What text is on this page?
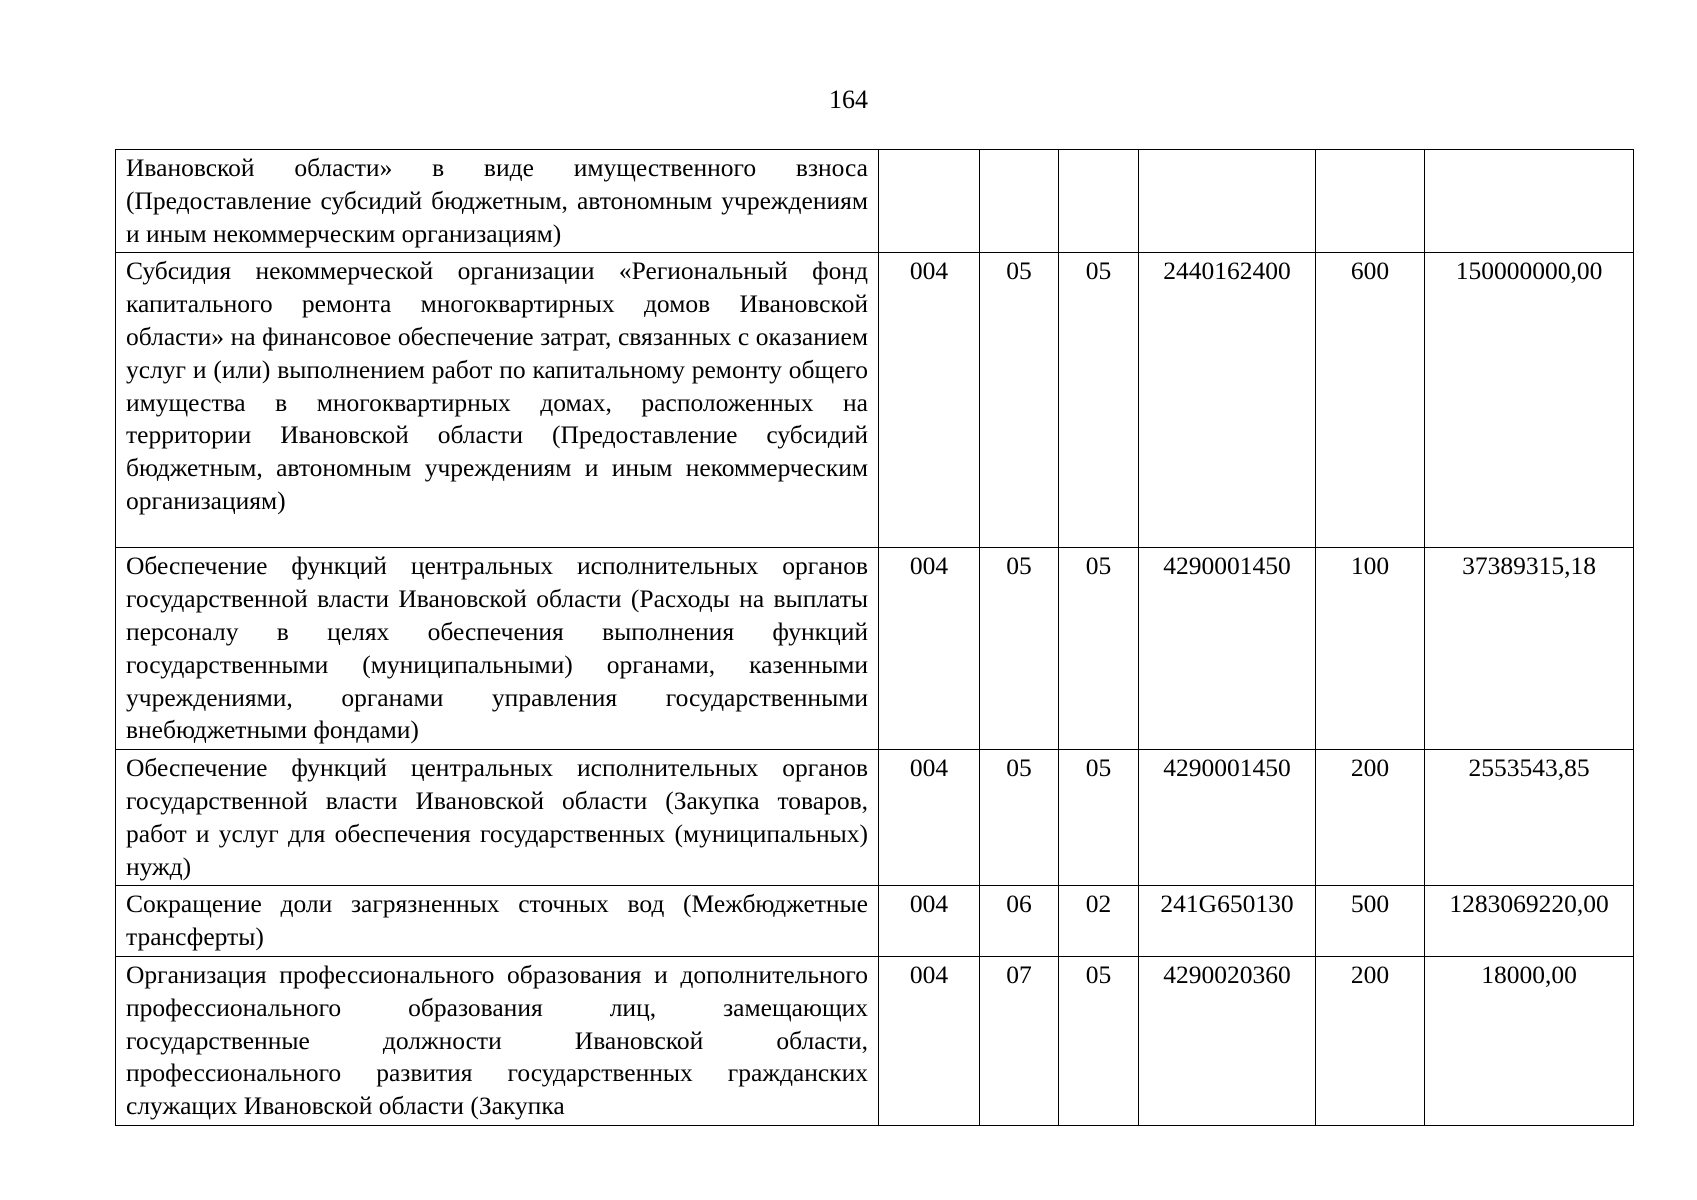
164
Ивановской области» в виде имущественного взноса (Предоставление субсидий бюджетным, автономным учреждениям и иным некоммерческим организациям)						
Субсидия некоммерческой организации «Региональный фонд капитального ремонта многоквартирных домов Ивановской области» на финансовое обеспечение затрат, связанных с оказанием услуг и (или) выполнением работ по капитальному ремонту общего имущества в многоквартирных домах, расположенных на территории Ивановской области (Предоставление субсидий бюджетным, автономным учреждениям и иным некоммерческим организациям)	004	05	05	2440162400	600	150000000,00
Обеспечение функций центральных исполнительных органов государственной власти Ивановской области (Расходы на выплаты персоналу в целях обеспечения выполнения функций государственными (муниципальными) органами, казенными учреждениями, органами управления государственными внебюджетными фондами)	004	05	05	4290001450	100	37389315,18
Обеспечение функций центральных исполнительных органов государственной власти Ивановской области (Закупка товаров, работ и услуг для обеспечения государственных (муниципальных) нужд)	004	05	05	4290001450	200	2553543,85
Сокращение доли загрязненных сточных вод (Межбюджетные трансферты)	004	06	02	241G650130	500	1283069220,00
Организация профессионального образования и дополнительного профессионального образования лиц, замещающих государственные должности Ивановской области, профессионального развития государственных гражданских служащих Ивановской области (Закупка	004	07	05	4290020360	200	18000,00
